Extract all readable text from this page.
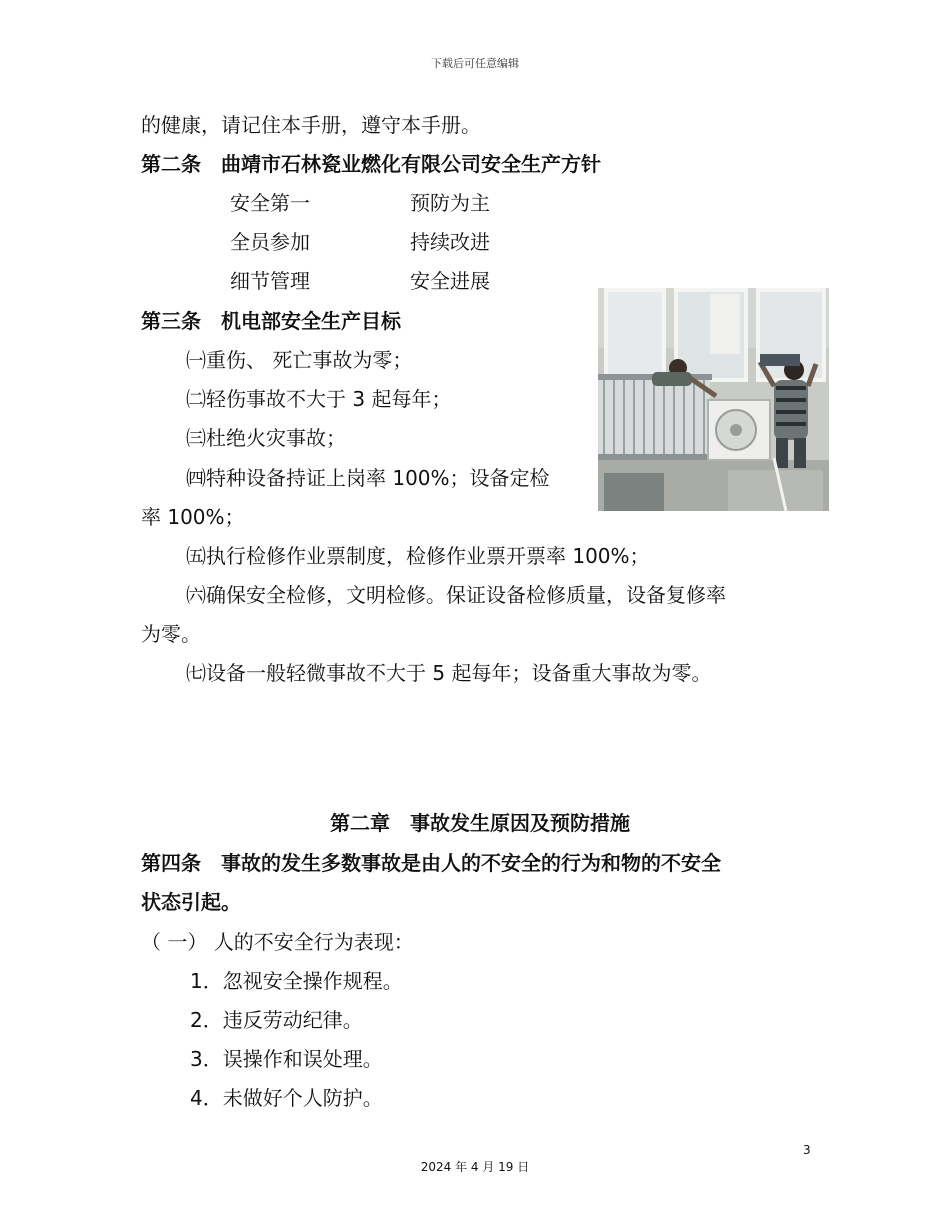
下载后可任意编辑
的健康，请记住本手册，遵守本手册。
第二条　曲靖市石林瓷业燃化有限公司安全生产方针
安全第一	预防为主
全员参加	持续改进
细节管理	安全进展
第三条　机电部安全生产目标
㈠重伤、 死亡事故为零；
㈡轻伤事故不大于 3 起每年；
㈢杜绝火灾事故；
㈣特种设备持证上岗率 100%；设备定检
率 100%；
㈤执行检修作业票制度，检修作业票开票率 100%；
㈥确保安全检修，文明检修。保证设备检修质量，设备复修率
为零。
㈦设备一般轻微事故不大于 5 起每年；设备重大事故为零。
第二章　事故发生原因及预防措施
第四条　事故的发生多数事故是由人的不安全的行为和物的不安全
状态引起。
（ 一） 人的不安全行为表现：
1．忽视安全操作规程。
2．违反劳动纪律。
3．误操作和误处理。
4．未做好个人防护。
3
2024 年 4 月 19 日
